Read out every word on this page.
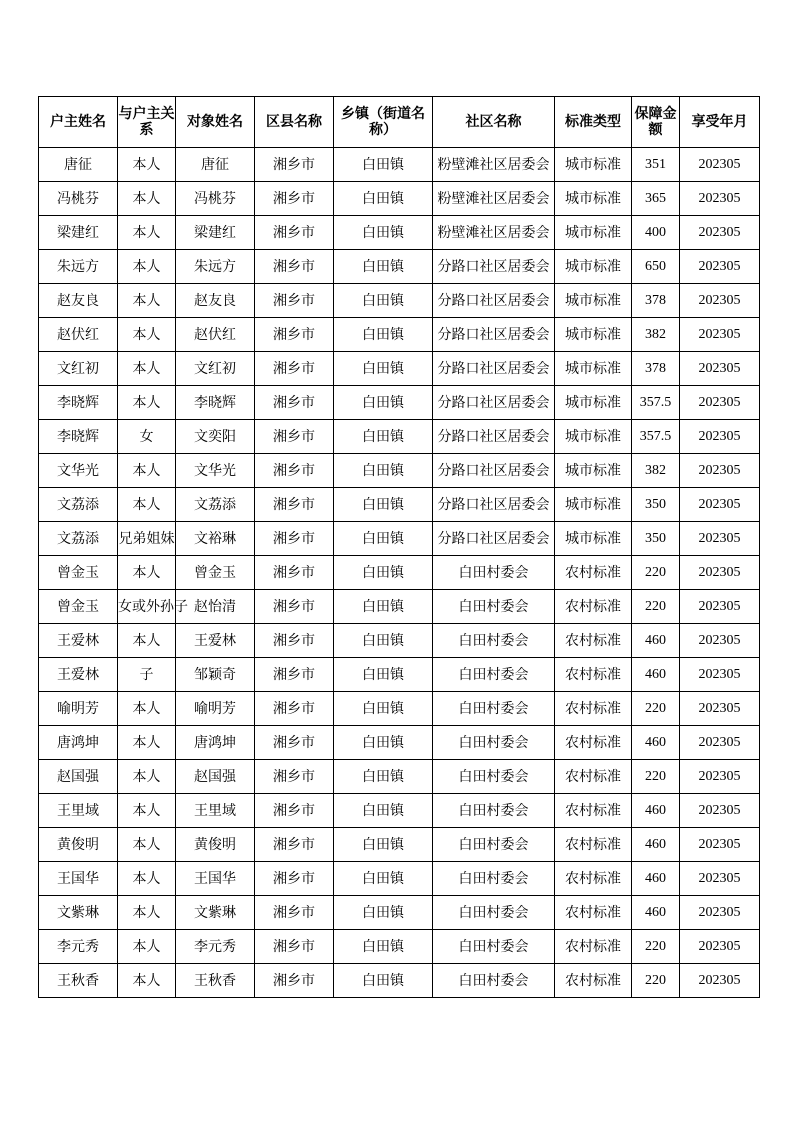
户主姓名	与户主关系	对象姓名	区县名称	乡镇（街道名称）	社区名称	标准类型	保障金额	享受年月
唐征	本人	唐征	湘乡市	白田镇	粉壁滩社区居委会	城市标准	351	202305
冯桃芬	本人	冯桃芬	湘乡市	白田镇	粉壁滩社区居委会	城市标准	365	202305
梁建红	本人	梁建红	湘乡市	白田镇	粉壁滩社区居委会	城市标准	400	202305
朱远方	本人	朱远方	湘乡市	白田镇	分路口社区居委会	城市标准	650	202305
赵友良	本人	赵友良	湘乡市	白田镇	分路口社区居委会	城市标准	378	202305
赵伏红	本人	赵伏红	湘乡市	白田镇	分路口社区居委会	城市标准	382	202305
文红初	本人	文红初	湘乡市	白田镇	分路口社区居委会	城市标准	378	202305
李晓辉	本人	李晓辉	湘乡市	白田镇	分路口社区居委会	城市标准	357.5	202305
李晓辉	女	文奕阳	湘乡市	白田镇	分路口社区居委会	城市标准	357.5	202305
文华光	本人	文华光	湘乡市	白田镇	分路口社区居委会	城市标准	382	202305
文荔添	本人	文荔添	湘乡市	白田镇	分路口社区居委会	城市标准	350	202305
文荔添	兄弟姐妹	文裕琳	湘乡市	白田镇	分路口社区居委会	城市标准	350	202305
曾金玉	本人	曾金玉	湘乡市	白田镇	白田村委会	农村标准	220	202305
曾金玉	女或外孙子	赵怡清	湘乡市	白田镇	白田村委会	农村标准	220	202305
王爱林	本人	王爱林	湘乡市	白田镇	白田村委会	农村标准	460	202305
王爱林	子	邹颖奇	湘乡市	白田镇	白田村委会	农村标准	460	202305
喻明芳	本人	喻明芳	湘乡市	白田镇	白田村委会	农村标准	220	202305
唐鸿坤	本人	唐鸿坤	湘乡市	白田镇	白田村委会	农村标准	460	202305
赵国强	本人	赵国强	湘乡市	白田镇	白田村委会	农村标准	220	202305
王里域	本人	王里域	湘乡市	白田镇	白田村委会	农村标准	460	202305
黄俊明	本人	黄俊明	湘乡市	白田镇	白田村委会	农村标准	460	202305
王国华	本人	王国华	湘乡市	白田镇	白田村委会	农村标准	460	202305
文紫琳	本人	文紫琳	湘乡市	白田镇	白田村委会	农村标准	460	202305
李元秀	本人	李元秀	湘乡市	白田镇	白田村委会	农村标准	220	202305
王秋香	本人	王秋香	湘乡市	白田镇	白田村委会	农村标准	220	202305
